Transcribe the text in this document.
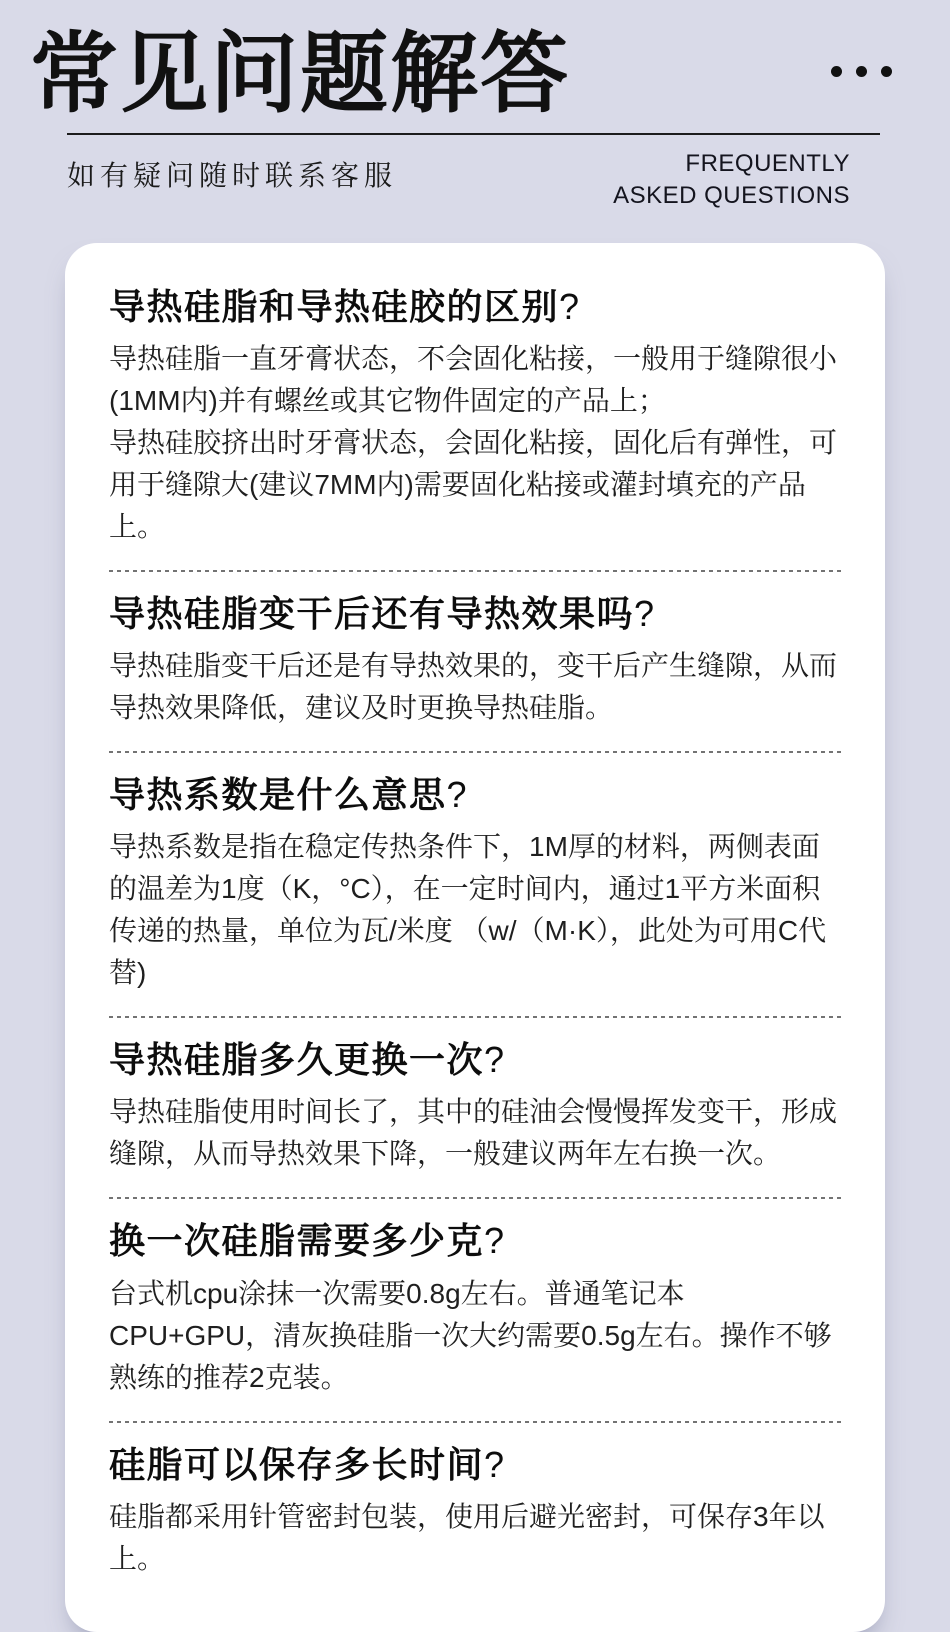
常见问题解答
如有疑问随时联系客服	FREQUENTLY
ASKED QUESTIONS
导热硅脂和导热硅胶的区别?

导热硅脂一直牙膏状态，不会固化粘接，一般用于缝隙很小 (1MM内)并有螺丝或其它物件固定的产品上；

导热硅胶挤出时牙膏状态，会固化粘接，固化后有弹性，可用于缝隙大(建议7MM内)需要固化粘接或灌封填充的产品上。

导热硅脂变干后还有导热效果吗?

导热硅脂变干后还是有导热效果的，变干后产生缝隙，从而导热效果降低，建议及时更换导热硅脂。

导热系数是什么意思?

导热系数是指在稳定传热条件下，1M厚的材料，两侧表面的温差为1度（K，°C），在一定时间内，通过1平方米面积传递的热量，单位为瓦/米度 （w/（M·K），此处为可用C代替)

导热硅脂多久更换一次?

导热硅脂使用时间长了，其中的硅油会慢慢挥发变干，形成缝隙，从而导热效果下降，一般建议两年左右换一次。

换一次硅脂需要多少克?

台式机cpu涂抹一次需要0.8g左右。普通笔记本CPU+GPU，清灰换硅脂一次大约需要0.5g左右。操作不够熟练的推荐2克装。

硅脂可以保存多长时间?

硅脂都采用针管密封包装，使用后避光密封，可保存3年以上。
